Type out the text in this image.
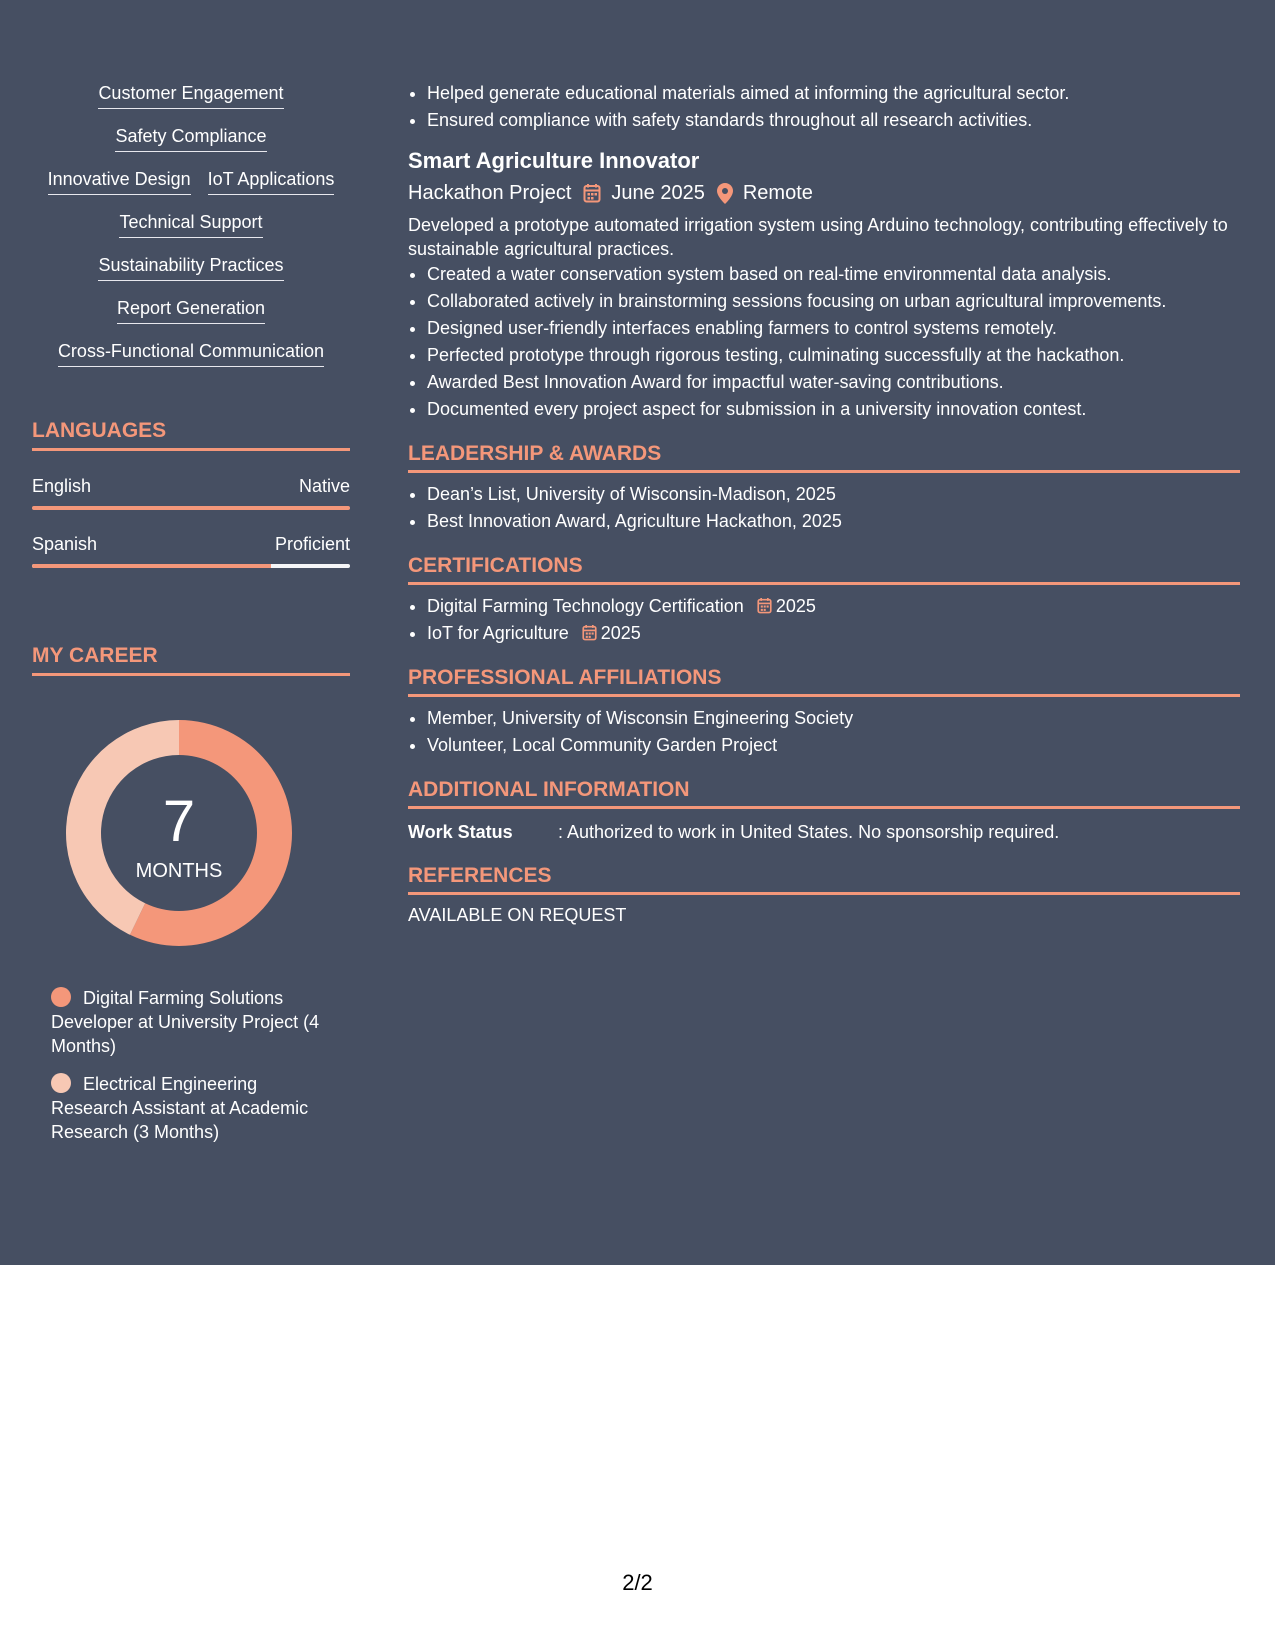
Customer Engagement
Safety Compliance
Innovative Design IoT Applications
Technical Support
Sustainability Practices
Report Generation
Cross-Functional Communication
LANGUAGES
English	Native
Spanish	Proficient
MY CAREER
7
MONTHS
Digital Farming Solutions Developer at University Project (4 Months)
Electrical Engineering Research Assistant at Academic Research (3 Months)
• Helped generate educational materials aimed at informing the agricultural sector.
• Ensured compliance with safety standards throughout all research activities.
Smart Agriculture Innovator
Hackathon Project June 2025 Remote
Developed a prototype automated irrigation system using Arduino technology, contributing effectively to sustainable agricultural practices.
• Created a water conservation system based on real-time environmental data analysis.
• Collaborated actively in brainstorming sessions focusing on urban agricultural improvements.
• Designed user-friendly interfaces enabling farmers to control systems remotely.
• Perfected prototype through rigorous testing, culminating successfully at the hackathon.
• Awarded Best Innovation Award for impactful water-saving contributions.
• Documented every project aspect for submission in a university innovation contest.
LEADERSHIP & AWARDS
• Dean’s List, University of Wisconsin-Madison, 2025
• Best Innovation Award, Agriculture Hackathon, 2025
CERTIFICATIONS
• Digital Farming Technology Certification 2025
• IoT for Agriculture 2025
PROFESSIONAL AFFILIATIONS
• Member, University of Wisconsin Engineering Society
• Volunteer, Local Community Garden Project
ADDITIONAL INFORMATION
Work Status	: Authorized to work in United States. No sponsorship required.
REFERENCES
AVAILABLE ON REQUEST
2/2
